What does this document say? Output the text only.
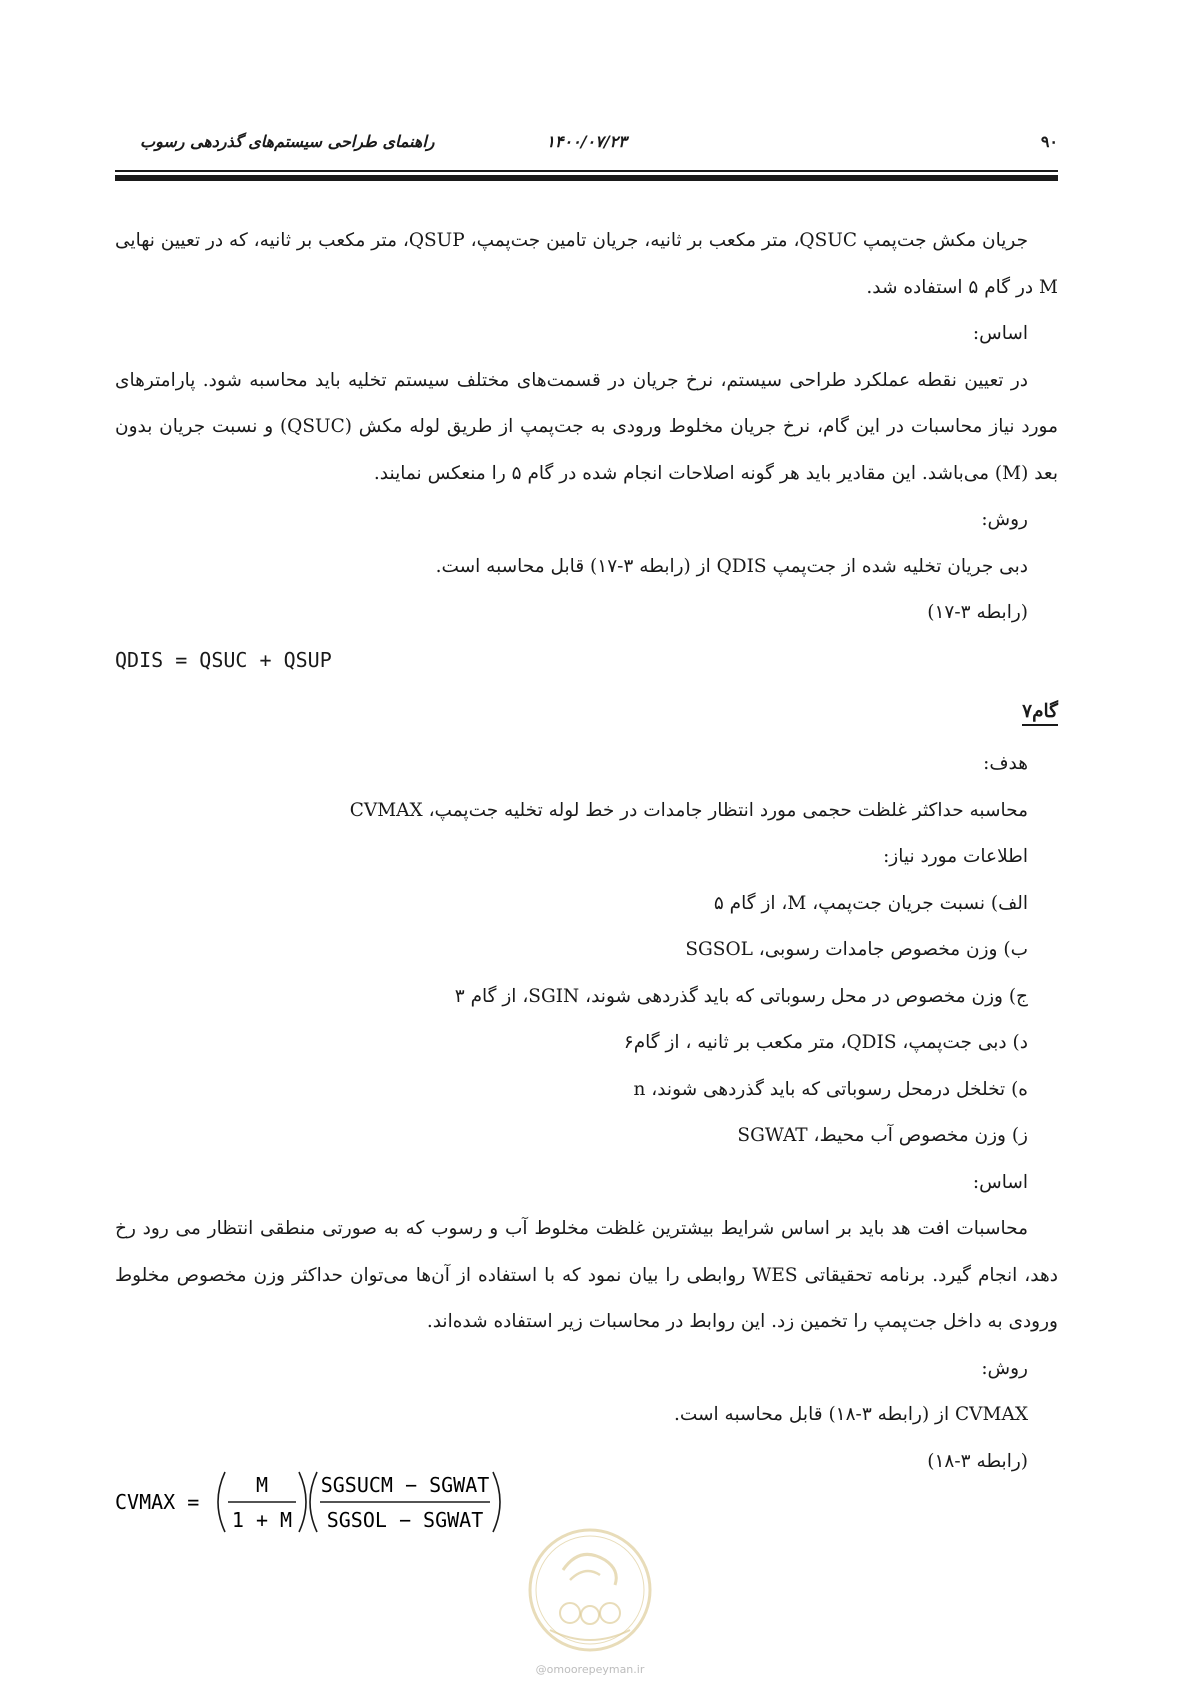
۹۰
۱۴۰۰/۰۷/۲۳
راهنمای طراحی سیستم‌های گذردهی رسوب

جریان مکش جت‌پمپ QSUC، متر مکعب بر ثانیه، جریان تامین جت‌پمپ، QSUP، متر مکعب بر ثانیه، که در تعیین نهایی M در گام ۵ استفاده شد.

اساس:

در تعیین نقطه عملکرد طراحی سیستم، نرخ جریان در قسمت‌های مختلف سیستم تخلیه باید محاسبه شود. پارامترهای مورد نیاز محاسبات در این گام، نرخ جریان مخلوط ورودی به جت‌پمپ از طریق لوله مکش (QSUC) و نسبت جریان بدون بعد (M) می‌باشد. این مقادیر باید هر گونه اصلاحات انجام شده در گام ۵ را منعکس نمایند.

روش:

دبی جریان تخلیه شده از جت‌پمپ QDIS از (رابطه ۳-۱۷) قابل محاسبه است.

(رابطه ۳-۱۷)

QDIS = QSUC + QSUP

گام۷

هدف:

محاسبه حداکثر غلظت حجمی مورد انتظار جامدات در خط لوله تخلیه جت‌پمپ، CVMAX

اطلاعات مورد نیاز:

الف) نسبت جریان جت‌پمپ، M، از گام ۵

ب) وزن مخصوص جامدات رسوبی، SGSOL

ج) وزن مخصوص در محل رسوباتی که باید گذردهی شوند، SGIN، از گام ۳

د) دبی جت‌پمپ، QDIS، متر مکعب بر ثانیه ، از گام۶

ه) تخلخل درمحل رسوباتی که باید گذردهی شوند، n

ز) وزن مخصوص آب محیط، SGWAT

اساس:

محاسبات افت هد باید بر اساس شرایط بیشترین غلظت مخلوط آب و رسوب که به صورتی منطقی انتظار می رود رخ دهد، انجام گیرد. برنامه تحقیقاتی WES روابطی را بیان نمود که با استفاده از آن‌ها می‌توان حداکثر وزن مخصوص مخلوط ورودی به داخل جت‌پمپ را تخمین زد. این روابط در محاسبات زیر استفاده شده‌اند.

روش:

CVMAX از (رابطه ۳-۱۸) قابل محاسبه است.

(رابطه ۳-۱۸)

CVMAX =
M
1 + M
SGSUCM − SGWAT
SGSOL − SGWAT
@omoorepeyman.ir
